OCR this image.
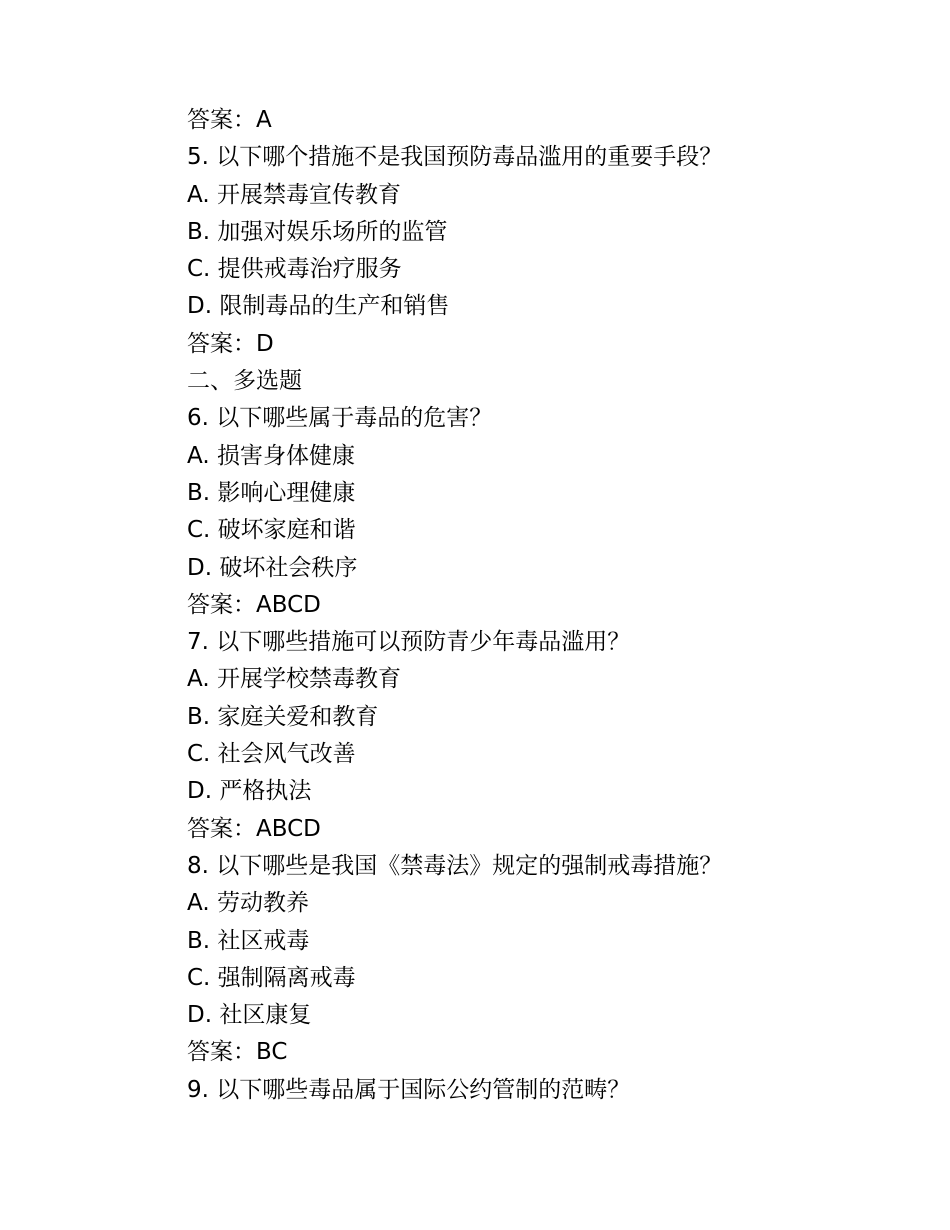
答案：A
5. 以下哪个措施不是我国预防毒品滥用的重要手段？
A. 开展禁毒宣传教育
B. 加强对娱乐场所的监管
C. 提供戒毒治疗服务
D. 限制毒品的生产和销售
答案：D
二、多选题
6. 以下哪些属于毒品的危害？
A. 损害身体健康
B. 影响心理健康
C. 破坏家庭和谐
D. 破坏社会秩序
答案：ABCD
7. 以下哪些措施可以预防青少年毒品滥用？
A. 开展学校禁毒教育
B. 家庭关爱和教育
C. 社会风气改善
D. 严格执法
答案：ABCD
8. 以下哪些是我国《禁毒法》规定的强制戒毒措施？
A. 劳动教养
B. 社区戒毒
C. 强制隔离戒毒
D. 社区康复
答案：BC
9. 以下哪些毒品属于国际公约管制的范畴？
